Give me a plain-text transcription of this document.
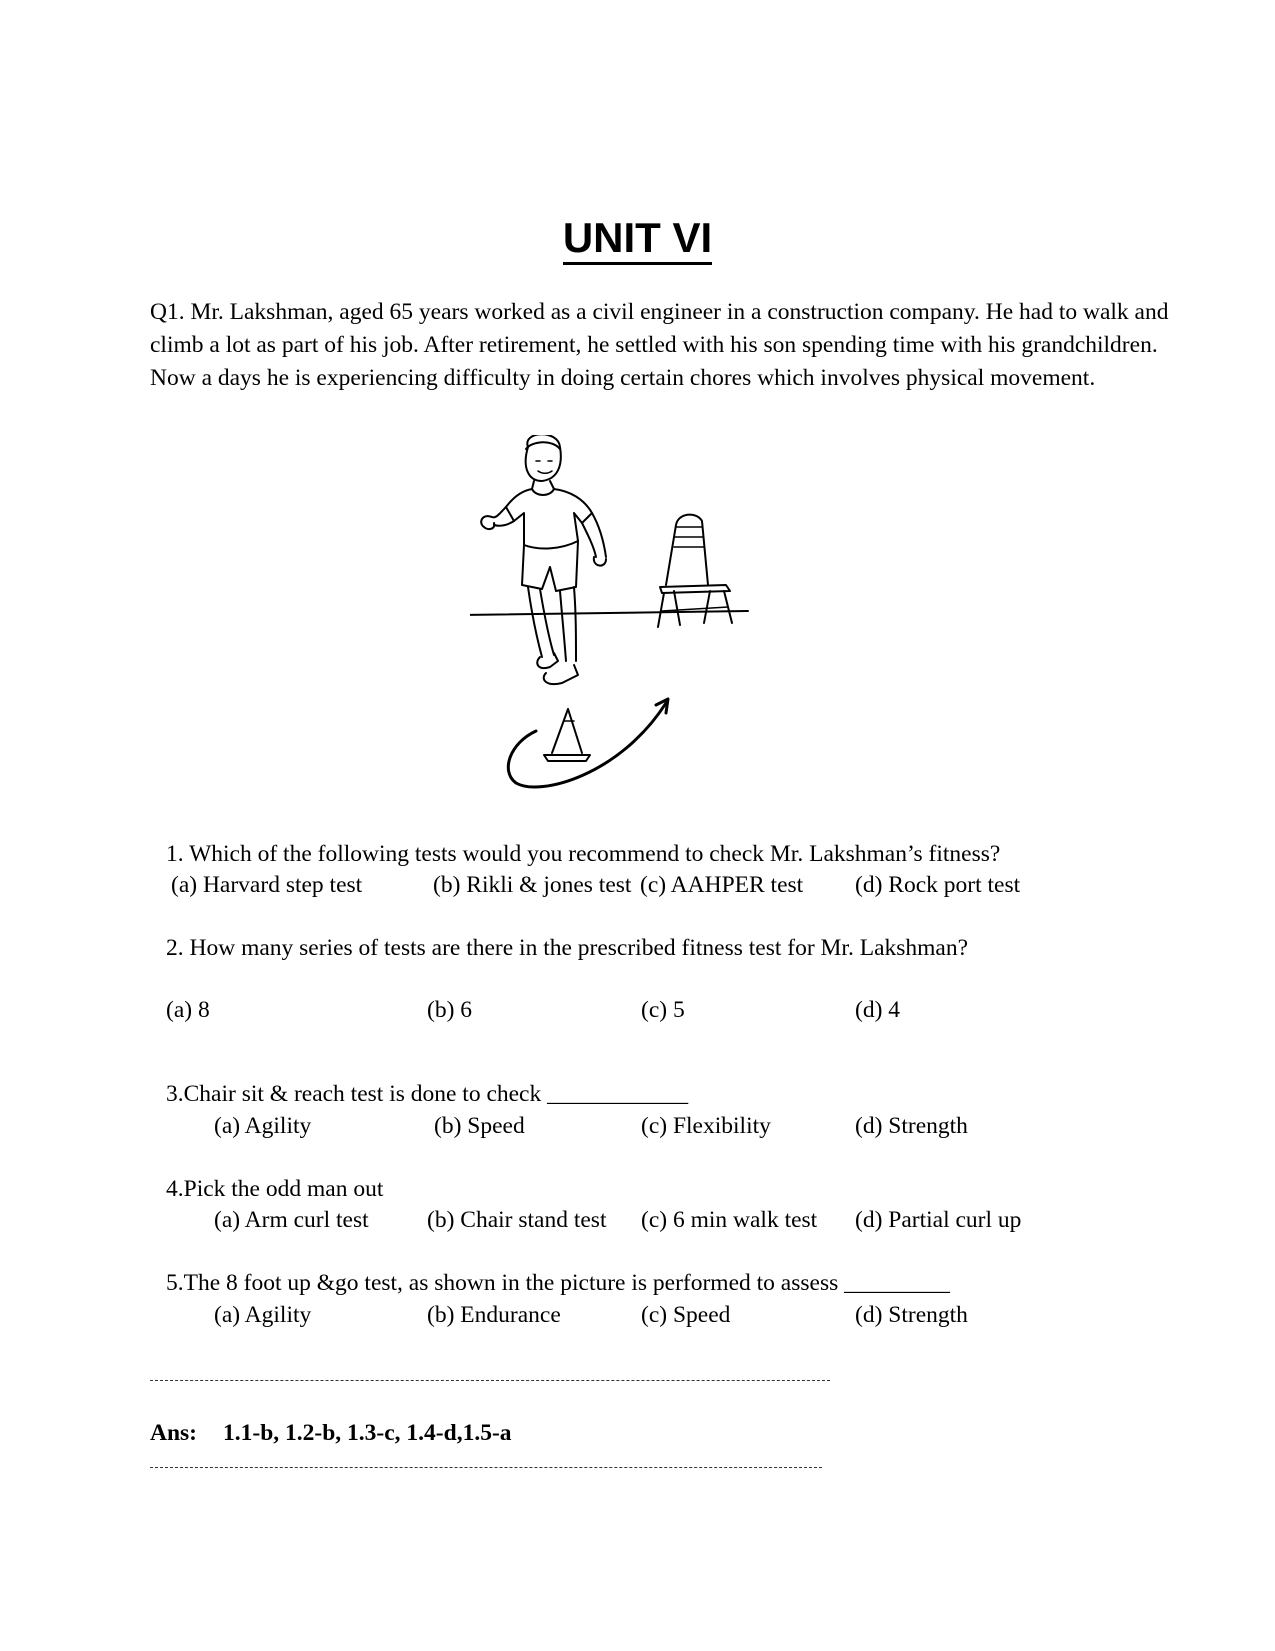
UNIT VI
Q1. Mr. Lakshman, aged 65 years worked as a civil engineer in a construction company. He had to walk and climb a lot as part of his job. After retirement, he settled with his son spending time with his grandchildren. Now a days he is experiencing difficulty in doing certain chores which involves physical movement.
1. Which of the following tests would you recommend to check Mr. Lakshman’s fitness?
(a) Harvard step test	(b) Rikli & jones test (c) AAHPER test (d) Rock port test
2. How many series of tests are there in the prescribed fitness test for Mr. Lakshman?
(a) 8	(b) 6	(c) 5	(d) 4
3.Chair sit & reach test is done to check ____________
(a) Agility	(b) Speed	(c) Flexibility	(d) Strength
4.Pick the odd man out
(a) Arm curl test (b) Chair stand test (c) 6 min walk test (d) Partial curl up
5.The 8 foot up &go test, as shown in the picture is performed to assess _________
(a) Agility	(b) Endurance	(c) Speed	(d) Strength
Ans: 1.1-b, 1.2-b, 1.3-c, 1.4-d,1.5-a
